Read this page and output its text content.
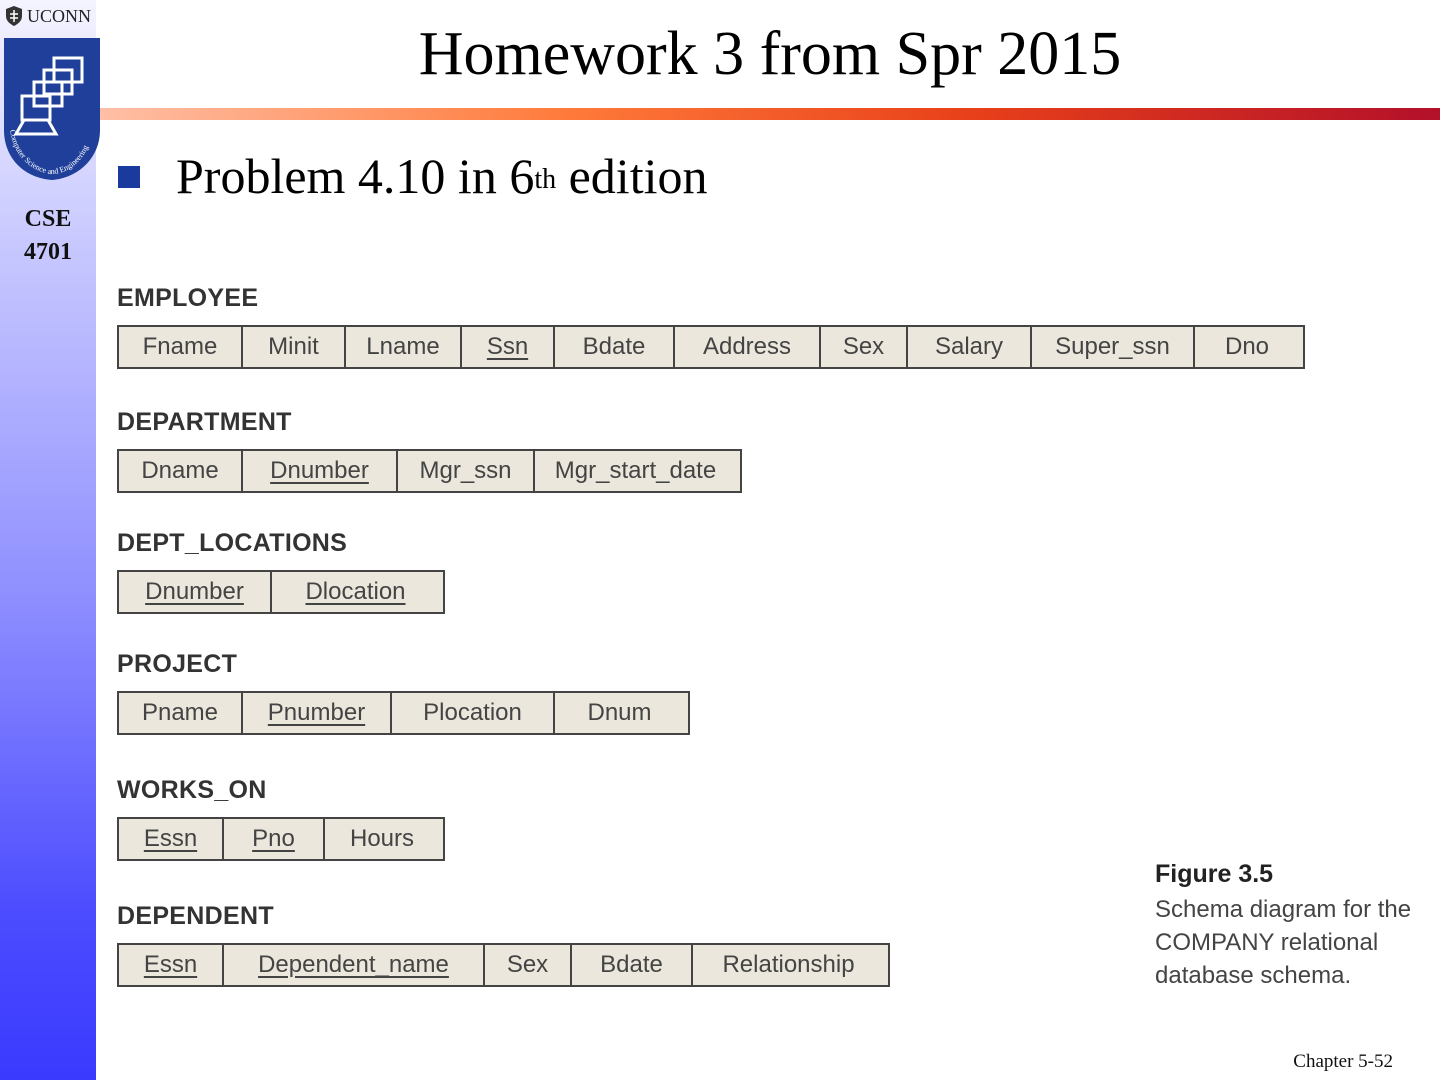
UCONN
Computer Science and Engineering
CSE
4701
Homework 3 from Spr 2015
Problem 4.10 in 6th edition
EMPLOYEE
Fname Minit Lname Ssn Bdate Address Sex Salary Super_ssn Dno
DEPARTMENT
Dname Dnumber Mgr_ssn Mgr_start_date
DEPT_LOCATIONS
Dnumber	Dlocation
PROJECT
Pname Pnumber Plocation	Dnum
WORKS_ON
Essn Pno Hours
DEPENDENT
Essn	Dependent_name Sex Bdate Relationship
Figure 3.5
Schema diagram for the
COMPANY relational
database schema.
Chapter 5-52
